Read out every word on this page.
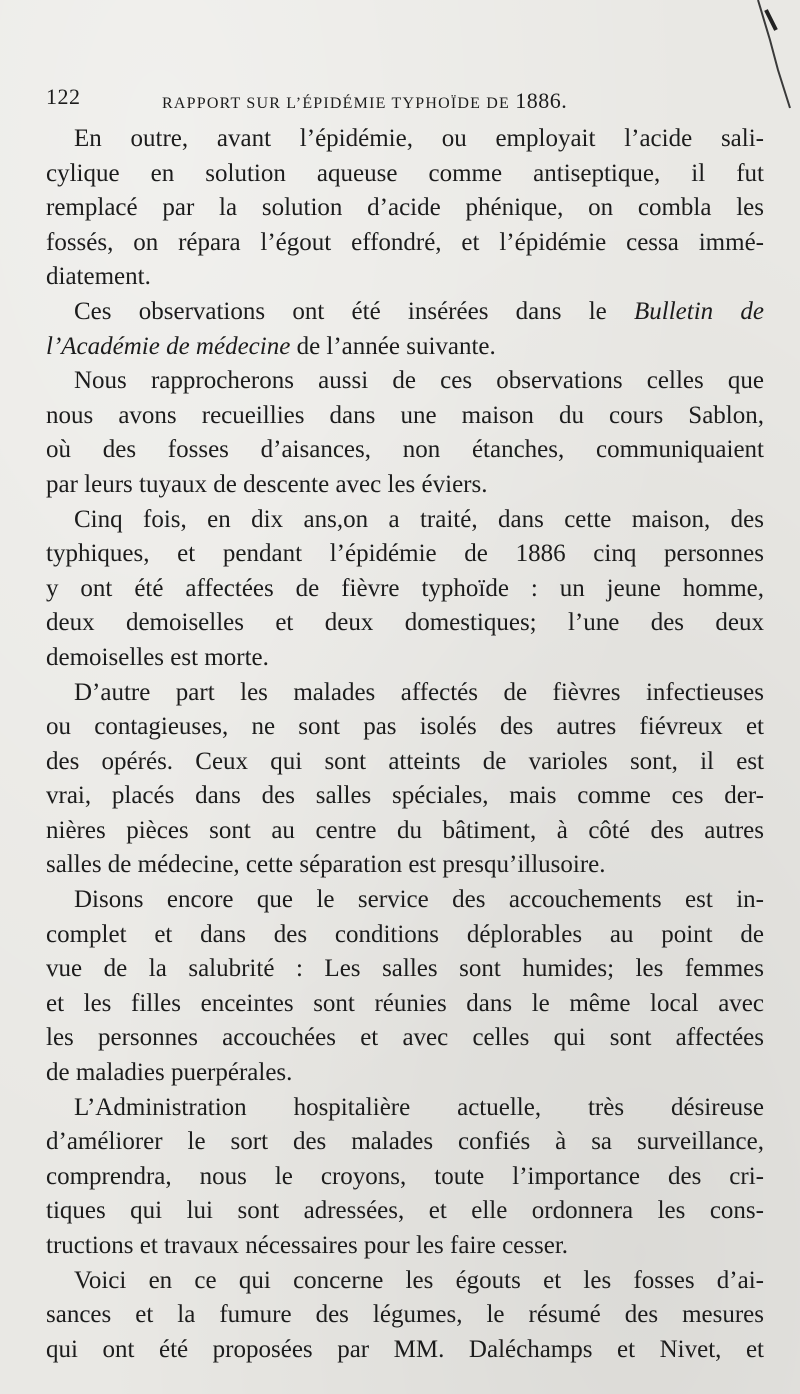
122	RAPPORT SUR L’ÉPIDÉMIE TYPHOÏDE DE 1886.
En outre, avant l’épidémie, ou employait l’acide sali-
cylique en solution aqueuse comme antiseptique, il fut
remplacé par la solution d’acide phénique, on combla les
fossés, on répara l’égout effondré, et l’épidémie cessa immé-
diatement.
Ces observations ont été insérées dans le Bulletin de
l’Académie de médecine de l’année suivante.
Nous rapprocherons aussi de ces observations celles que
nous avons recueillies dans une maison du cours Sablon,
où des fosses d’aisances, non étanches, communiquaient
par leurs tuyaux de descente avec les éviers.
Cinq fois, en dix ans,on a traité, dans cette maison, des
typhiques, et pendant l’épidémie de 1886 cinq personnes
y ont été affectées de fièvre typhoïde : un jeune homme,
deux demoiselles et deux domestiques; l’une des deux
demoiselles est morte.
D’autre part les malades affectés de fièvres infectieuses
ou contagieuses, ne sont pas isolés des autres fiévreux et
des opérés. Ceux qui sont atteints de varioles sont, il est
vrai, placés dans des salles spéciales, mais comme ces der-
nières pièces sont au centre du bâtiment, à côté des autres
salles de médecine, cette séparation est presqu’illusoire.
Disons encore que le service des accouchements est in-
complet et dans des conditions déplorables au point de
vue de la salubrité : Les salles sont humides; les femmes
et les filles enceintes sont réunies dans le même local avec
les personnes accouchées et avec celles qui sont affectées
de maladies puerpérales.
L’Administration hospitalière actuelle, très désireuse
d’améliorer le sort des malades confiés à sa surveillance,
comprendra, nous le croyons, toute l’importance des cri-
tiques qui lui sont adressées, et elle ordonnera les cons-
tructions et travaux nécessaires pour les faire cesser.
Voici en ce qui concerne les égouts et les fosses d’ai-
sances et la fumure des légumes, le résumé des mesures
qui ont été proposées par MM. Daléchamps et Nivet, et
